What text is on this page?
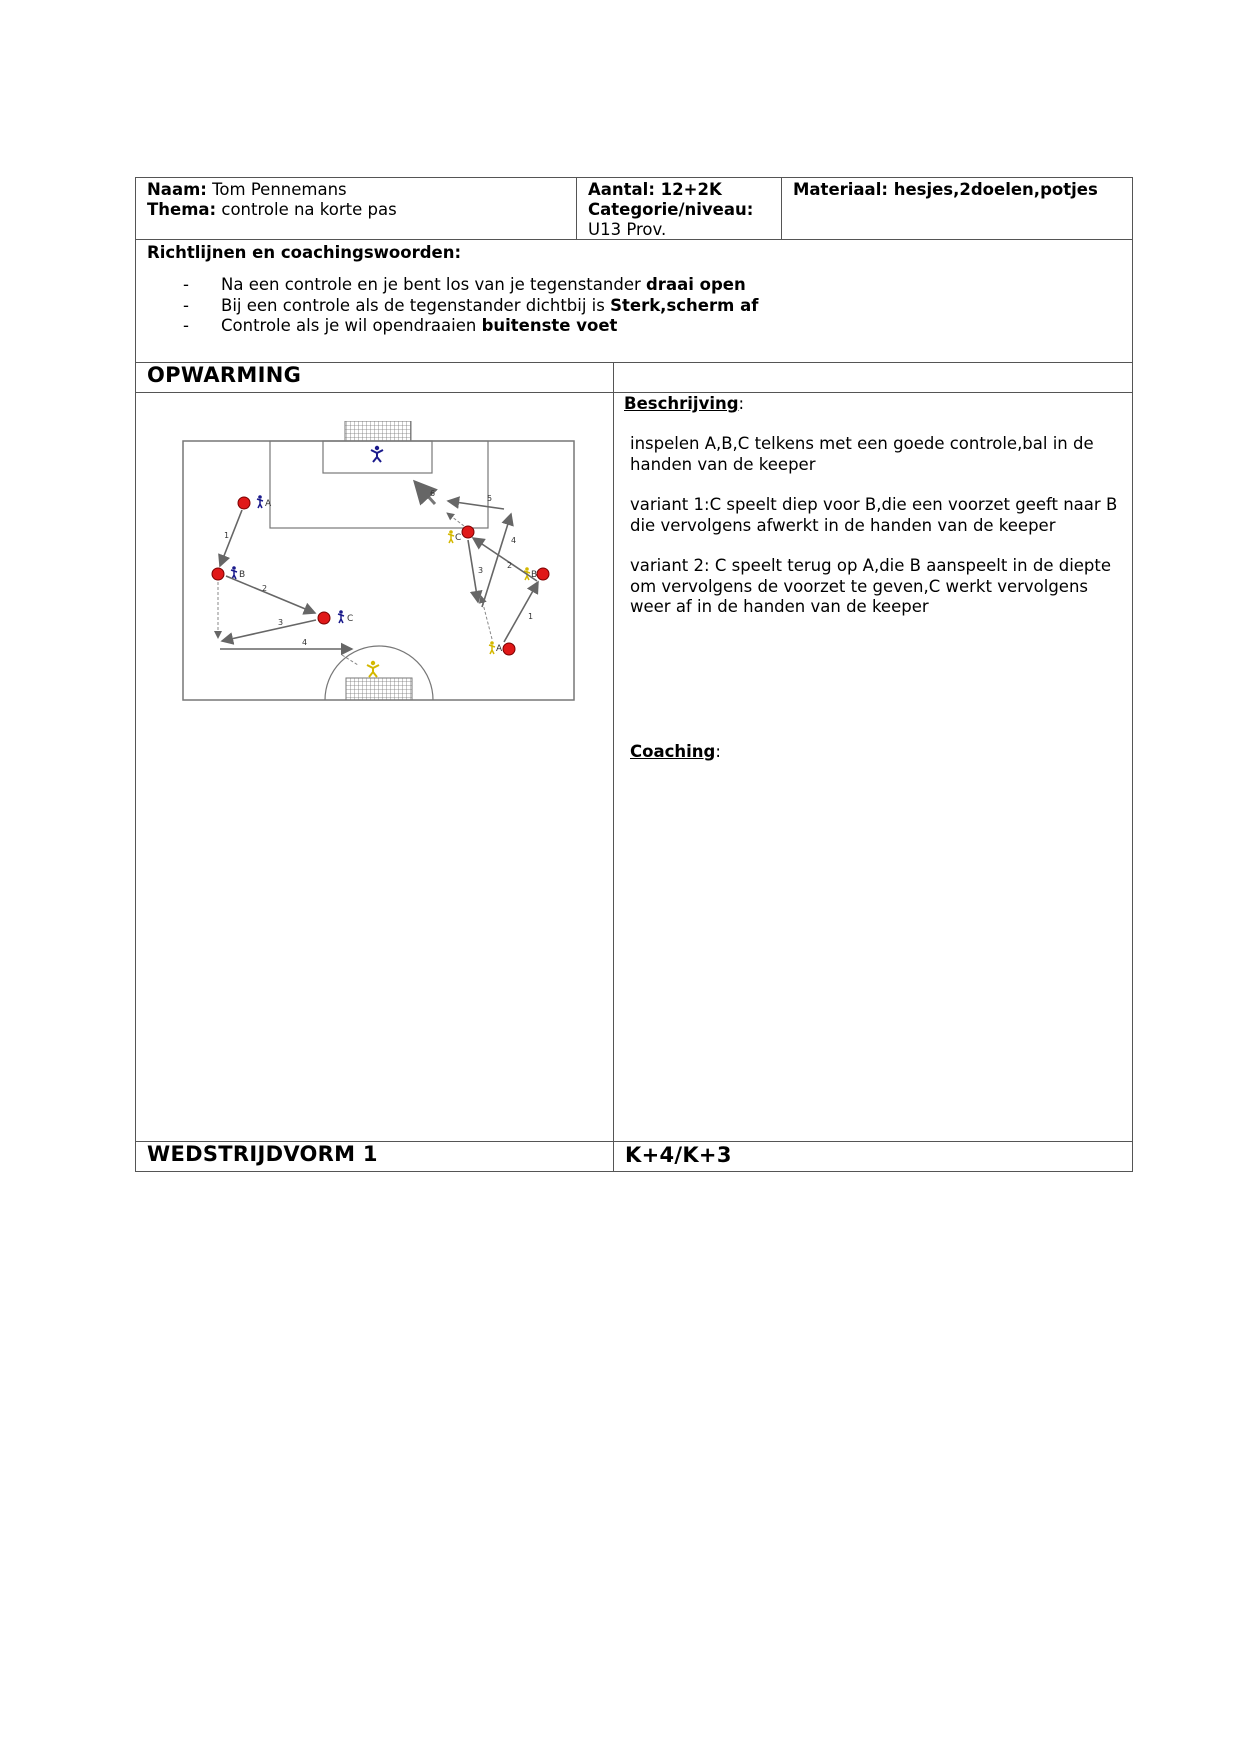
Naam: Tom Pennemans
Thema: controle na korte pas
Aantal: 12+2K
Categorie/niveau:
U13 Prov.
Materiaal: hesjes,2doelen,potjes
Richtlijnen en coachingswoorden:
- Na een controle en je bent los van je tegenstander draai open
- Bij een controle als de tegenstander dichtbij is Sterk,scherm af
- Controle als je wil opendraaien buitenste voet
OPWARMING
A
B
C
C
B
A
1
2
3
4
1
2
3
4
5
6
Beschrijving:

inspelen A,B,C telkens met een goede controle,bal in de handen van de keeper

variant 1:C speelt diep voor B,die een voorzet geeft naar B die vervolgens afwerkt in de handen van de keeper

variant 2: C speelt terug op A,die B aanspeelt in de diepte om vervolgens de voorzet te geven,C werkt vervolgens weer af in de handen van de keeper

Coaching:
WEDSTRIJDVORM 1	K+4/K+3
